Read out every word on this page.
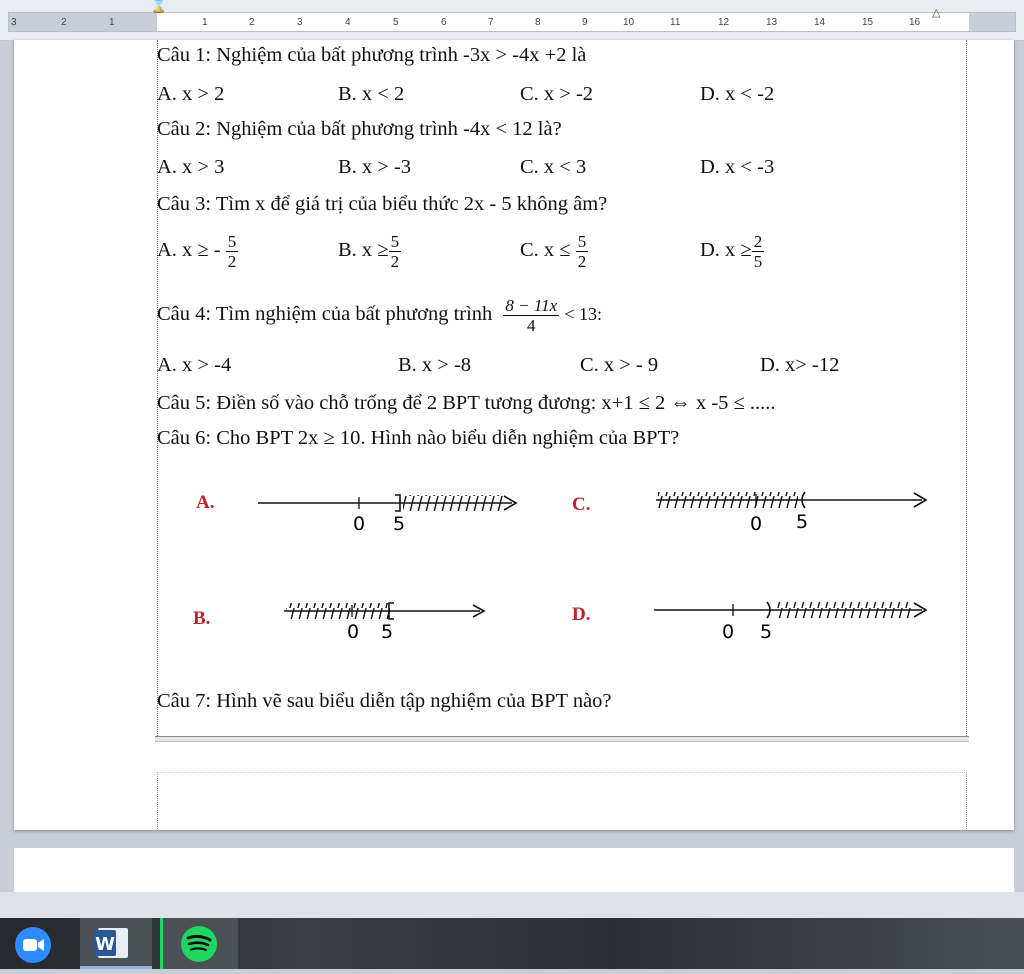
3	2	1	1	2	3	4	5	6	7	8	9	10	11	12	13	14	15	16
⌛	△
Câu 1: Nghiệm của bất phương trình -3x > -4x +2 là
A. x > 2	B. x < 2	C. x > -2	D. x < -2
Câu 2: Nghiệm của bất phương trình -4x < 12 là?
A. x > 3	B. x > -3	C. x < 3	D. x < -3
Câu 3: Tìm x để giá trị của biểu thức 2x - 5 không âm?
A. x ≥ - $\frac{5}{2}$	B. $x \ge \frac{5}{2}$	C. $x \le \frac{5}{2}$	D. $x \ge \frac{2}{5}$
Câu 4: Tìm nghiệm của bất phương trình $\frac{8 - 11x}{4} < 13$:
A. x > -4	B. x > -8	C. x > - 9	D. x> -12
Câu 5: Điền số vào chỗ trống để 2 BPT tương đương: x+1 ≤ 2 ⇔ x -5 ≤ .....
Câu 6: Cho BPT 2x ≥ 10. Hình nào biểu diễn nghiệm của BPT?
A.	C.
B.	D.
0 5	0 5
0 5	0 5
Câu 7: Hình vẽ sau biểu diễn tập nghiệm của BPT nào?
W
